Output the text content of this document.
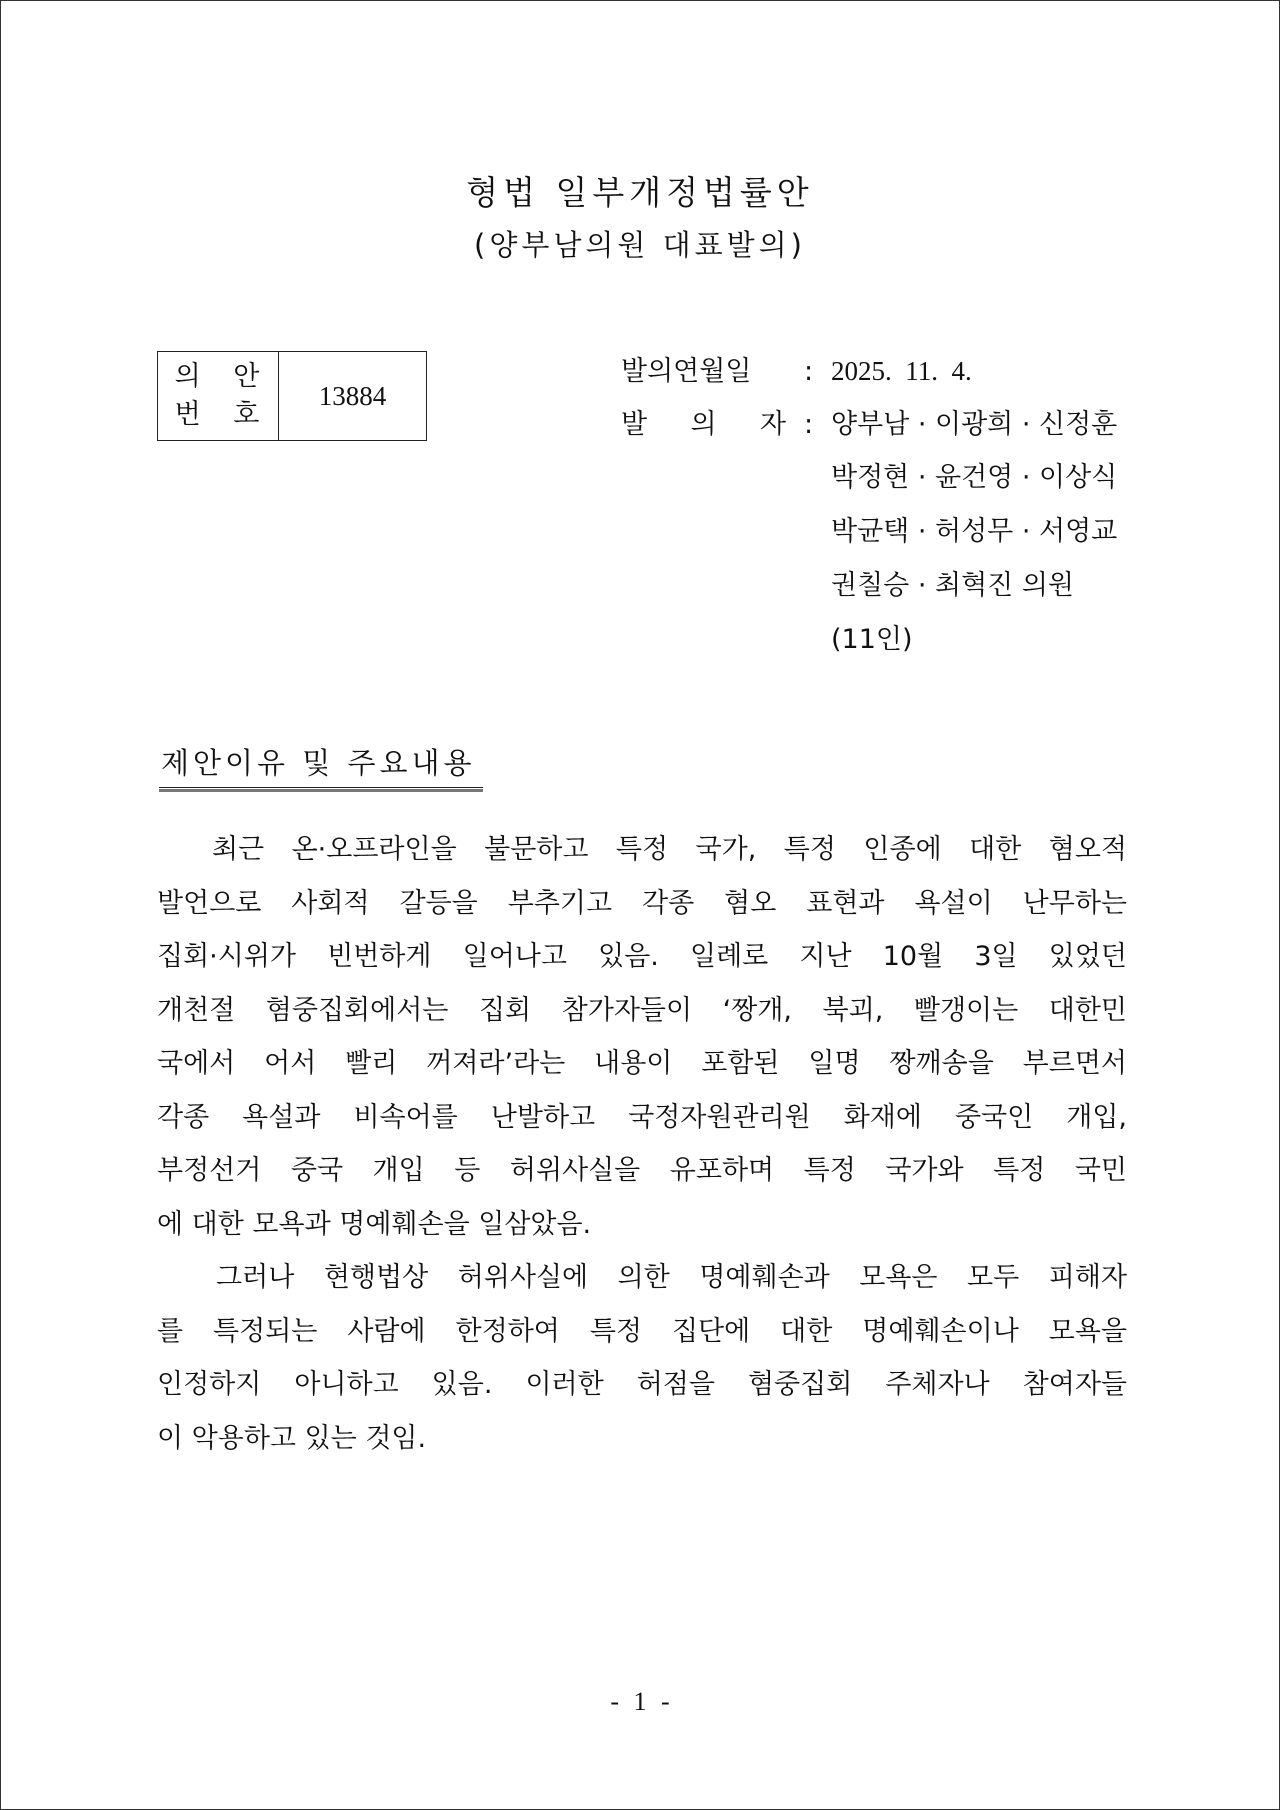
형법 일부개정법률안
(양부남의원 대표발의)
의 안
번 호
13884
발의연월일	: 2025.  11.  4.
발 의 자 : 양부남 · 이광희 · 신정훈
박정현 · 윤건영 · 이상식
박균택 · 허성무 · 서영교
권칠승 · 최혁진 의원
(11인)
제안이유 및 주요내용
최근 온·오프라인을 불문하고 특정 국가, 특정 인종에 대한 혐오적
발언으로 사회적 갈등을 부추기고 각종 혐오 표현과 욕설이 난무하는
집회·시위가 빈번하게 일어나고 있음. 일례로 지난 10월 3일 있었던
개천절 혐중집회에서는 집회 참가자들이 ‘짱개, 북괴, 빨갱이는 대한민
국에서 어서 빨리 꺼져라’라는 내용이 포함된 일명 짱깨송을 부르면서
각종 욕설과 비속어를 난발하고 국정자원관리원 화재에 중국인 개입,
부정선거 중국 개입 등 허위사실을 유포하며 특정 국가와 특정 국민
에 대한 모욕과 명예훼손을 일삼았음.
그러나 현행법상 허위사실에 의한 명예훼손과 모욕은 모두 피해자
를 특정되는 사람에 한정하여 특정 집단에 대한 명예훼손이나 모욕을
인정하지 아니하고 있음. 이러한 허점을 혐중집회 주체자나 참여자들
이 악용하고 있는 것임.
- 1 -
